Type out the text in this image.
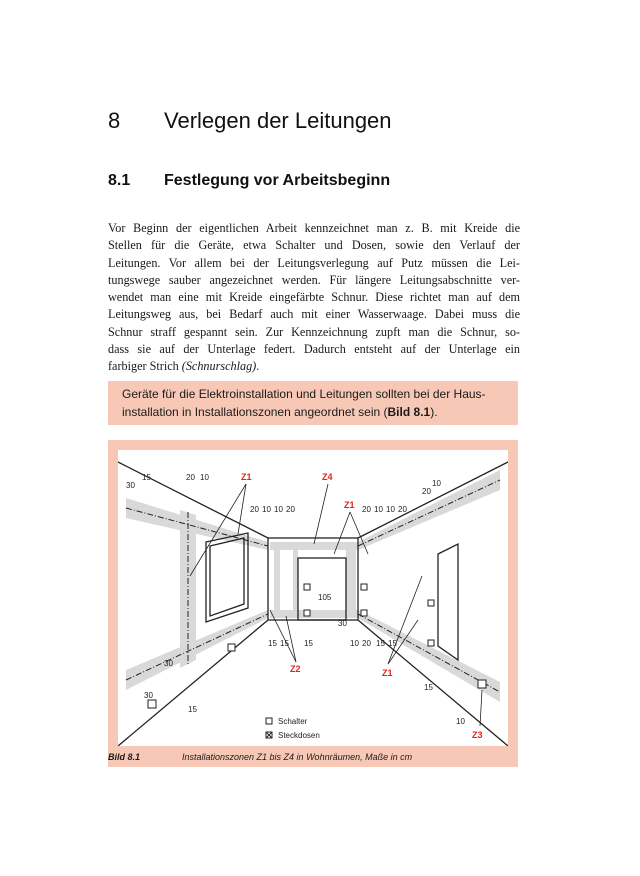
8 Verlegen der Leitungen
8.1 Festlegung vor Arbeitsbeginn
Vor Beginn der eigentlichen Arbeit kennzeichnet man z. B. mit Kreide die
Stellen für die Geräte, etwa Schalter und Dosen, sowie den Verlauf der
Leitungen. Vor allem bei der Leitungsverlegung auf Putz müssen die Lei-
tungswege sauber angezeichnet werden. Für längere Leitungsabschnitte ver-
wendet man eine mit Kreide eingefärbte Schnur. Diese richtet man auf dem
Leitungsweg aus, bei Bedarf auch mit einer Wasserwaage. Dabei muss die
Schnur straff gespannt sein. Zur Kennzeichnung zupft man die Schnur, so-
dass sie auf der Unterlage federt. Dadurch entsteht auf der Unterlage ein
farbiger Strich (Schnurschlag).
Geräte für die Elektroinstallation und Leitungen sollten bei der Haus-
installation in Installationszonen angeordnet sein (Bild 8.1).
Z1	Z4
Z1
Z2	Z1
Z3
30
15	20 10
20 10 10 20	20 10 10 20
20
10
105
30
15 15 15	10 20 15 15
30
30
15
15
10
Schalter
Steckdosen
Bild 8.1	Installationszonen Z1 bis Z4 in Wohnräumen, Maße in cm
